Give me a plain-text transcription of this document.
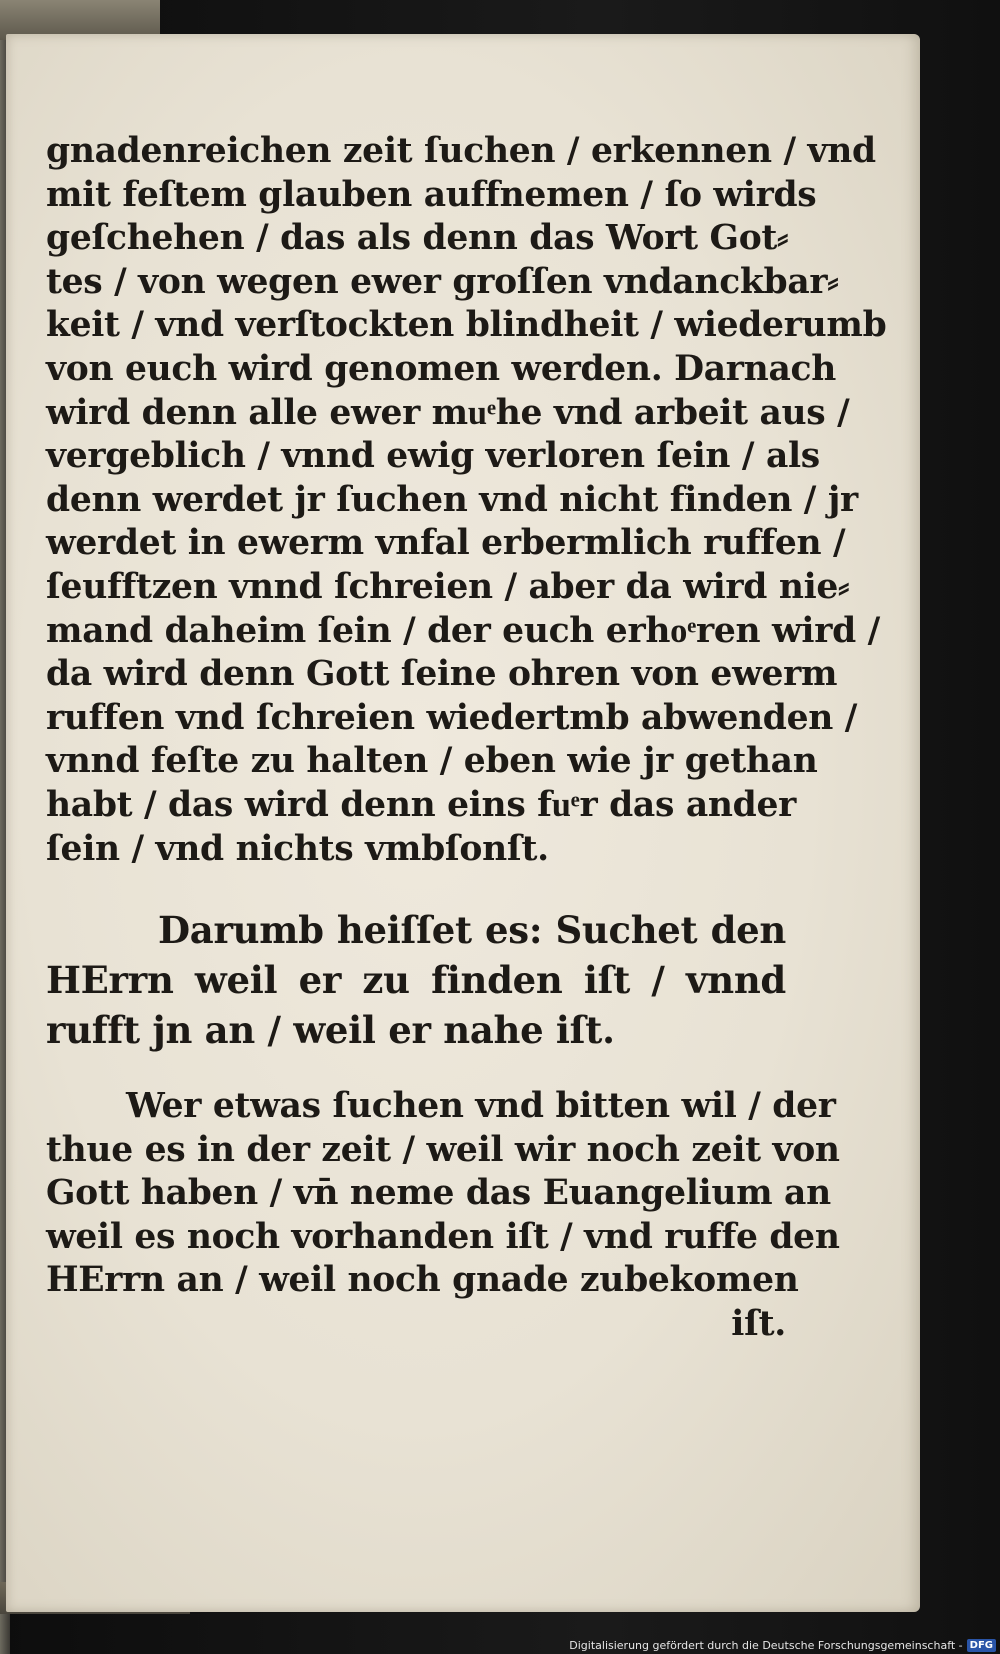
gnadenreichen zeit ſuchen / erkennen / vnd
mit feſtem glauben auffnemen / ſo wirds
geſchehen / das als denn das Wort Got⸗
tes / von wegen ewer groſſen vndanckbar⸗
keit / vnd verſtockten blindheit / wiederumb
von euch wird genomen werden. Darnach
wird denn alle ewer muͤhe vnd arbeit aus /
vergeblich / vnnd ewig verloren ſein / als
denn werdet jr ſuchen vnd nicht finden / jr
werdet in ewerm vnfal erbermlich ruffen /
ſeufftzen vnnd ſchreien / aber da wird nie⸗
mand daheim ſein / der euch erhoͤren wird /
da wird denn Gott ſeine ohren von ewerm
ruffen vnd ſchreien wiedertmb abwenden /
vnnd feſte zu halten / eben wie jr gethan
habt / das wird denn eins fuͤr das ander
ſein / vnd nichts vmbſonſt.
Darumb heiſſet es: Suchet den
HErrn weil er zu finden iſt / vnnd
rufft jn an / weil er nahe iſt.
Wer etwas ſuchen vnd bitten wil / der
thue es in der zeit / weil wir noch zeit von
Gott haben / vn̄ neme das Euangelium an
weil es noch vorhanden iſt / vnd ruffe den
HErrn an / weil noch gnade zubekomen
iſt.
Digitalisierung gefördert durch die Deutsche Forschungsgemeinschaft - DFG
